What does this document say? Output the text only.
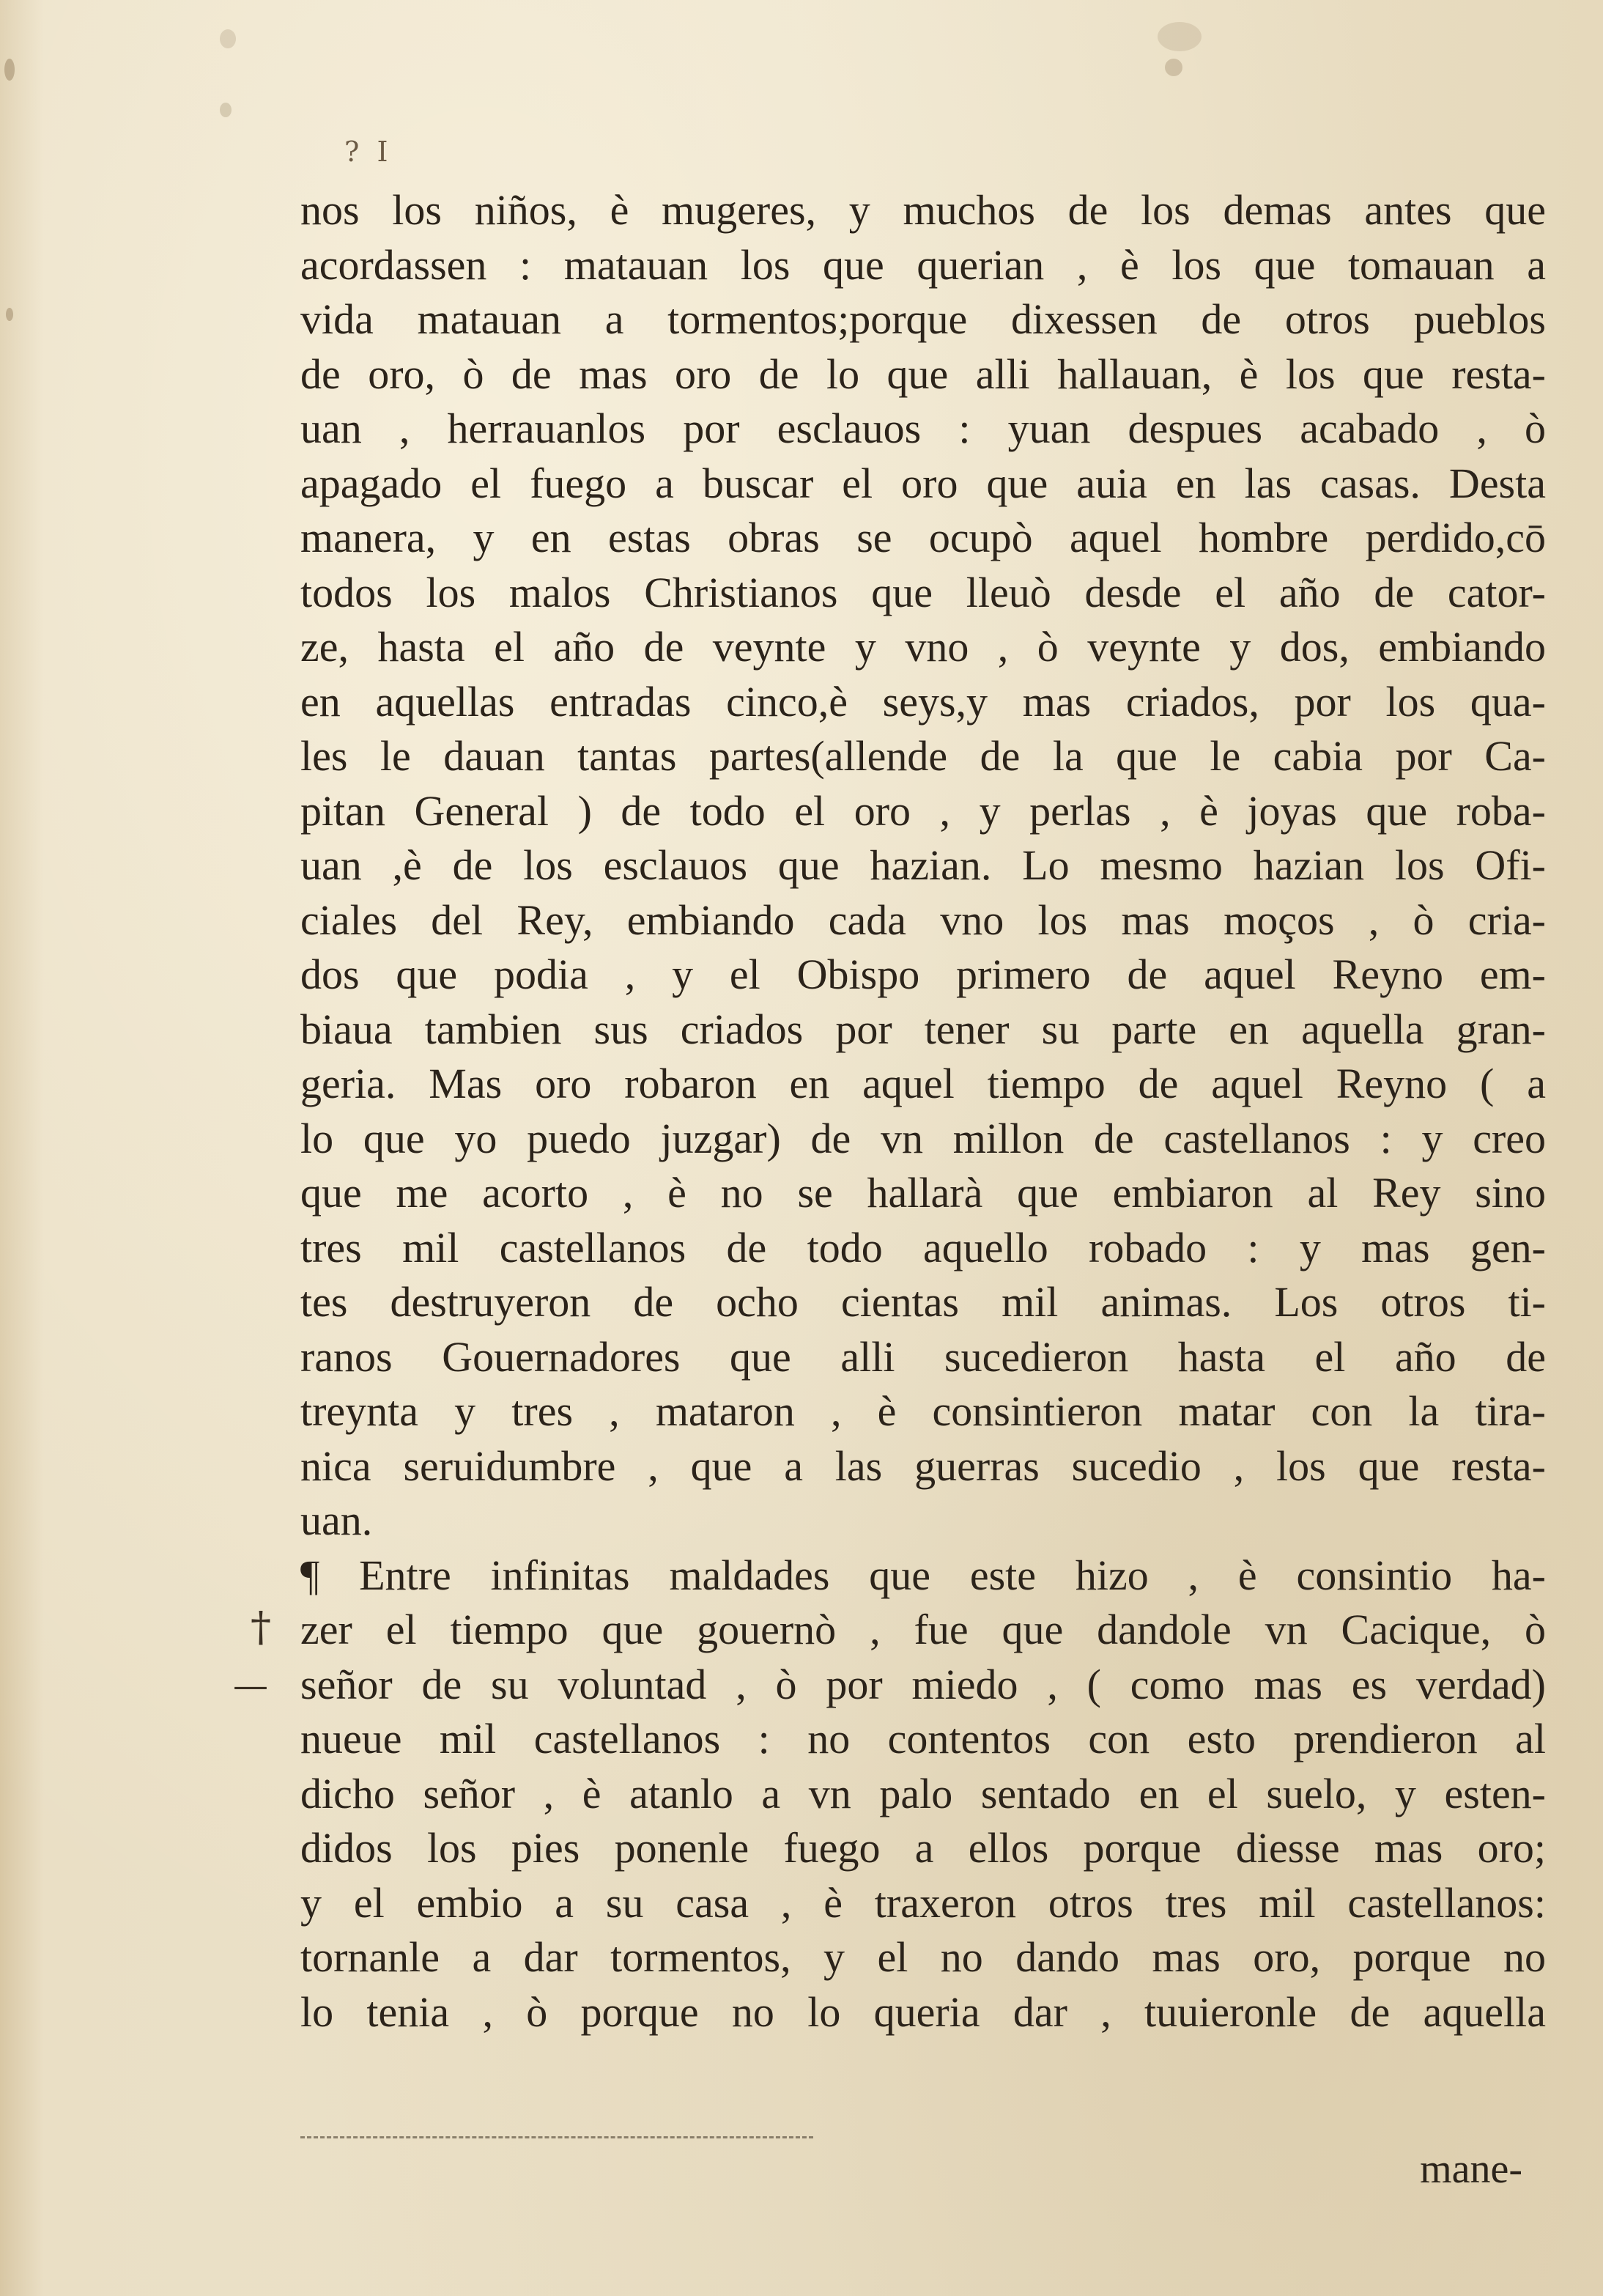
? I
nos los niños, è mugeres, y muchos de los demas antes que
acordassen : matauan los que querian , è los que tomauan a
vida matauan a tormentos;porque dixessen de otros pueblos
de oro, ò de mas oro de lo que alli hallauan, è los que resta-
uan , herrauanlos por esclauos : yuan despues acabado , ò
apagado el fuego a buscar el oro que auia en las casas. Desta
manera, y en estas obras se ocupò aquel hombre perdido,cō
todos los malos Christianos que lleuò desde el año de cator-
ze, hasta el año de veynte y vno , ò veynte y dos, embiando
en aquellas entradas cinco,è seys,y mas criados, por los qua-
les le dauan tantas partes(allende de la que le cabia por Ca-
pitan General ) de todo el oro , y perlas , è joyas que roba-
uan ,è de los esclauos que hazian. Lo mesmo hazian los Ofi-
ciales del Rey, embiando cada vno los mas moços , ò cria-
dos que podia , y el Obispo primero de aquel Reyno em-
biaua tambien sus criados por tener su parte en aquella gran-
geria. Mas oro robaron en aquel tiempo de aquel Reyno ( a
lo que yo puedo juzgar) de vn millon de castellanos : y creo
que me acorto , è no se hallarà que embiaron al Rey sino
tres mil castellanos de todo aquello robado : y mas gen-
tes destruyeron de ocho cientas mil animas. Los otros ti-
ranos Gouernadores que alli sucedieron hasta el año de
treynta y tres , mataron , è consintieron matar con la tira-
nica seruidumbre , que a las guerras sucedio , los que resta-
uan.
¶ Entre infinitas maldades que este hizo , è consintio ha-
zer el tiempo que gouernò , fue que dandole vn Cacique, ò
señor de su voluntad , ò por miedo , ( como mas es verdad)
nueue mil castellanos : no contentos con esto prendieron al
dicho señor , è atanlo a vn palo sentado en el suelo, y esten-
didos los pies ponenle fuego a ellos porque diesse mas oro;
y el embio a su casa , è traxeron otros tres mil castellanos:
tornanle a dar tormentos, y el no dando mas oro, porque no
lo tenia , ò porque no lo queria dar , tuuieronle de aquella
†
—
mane-
